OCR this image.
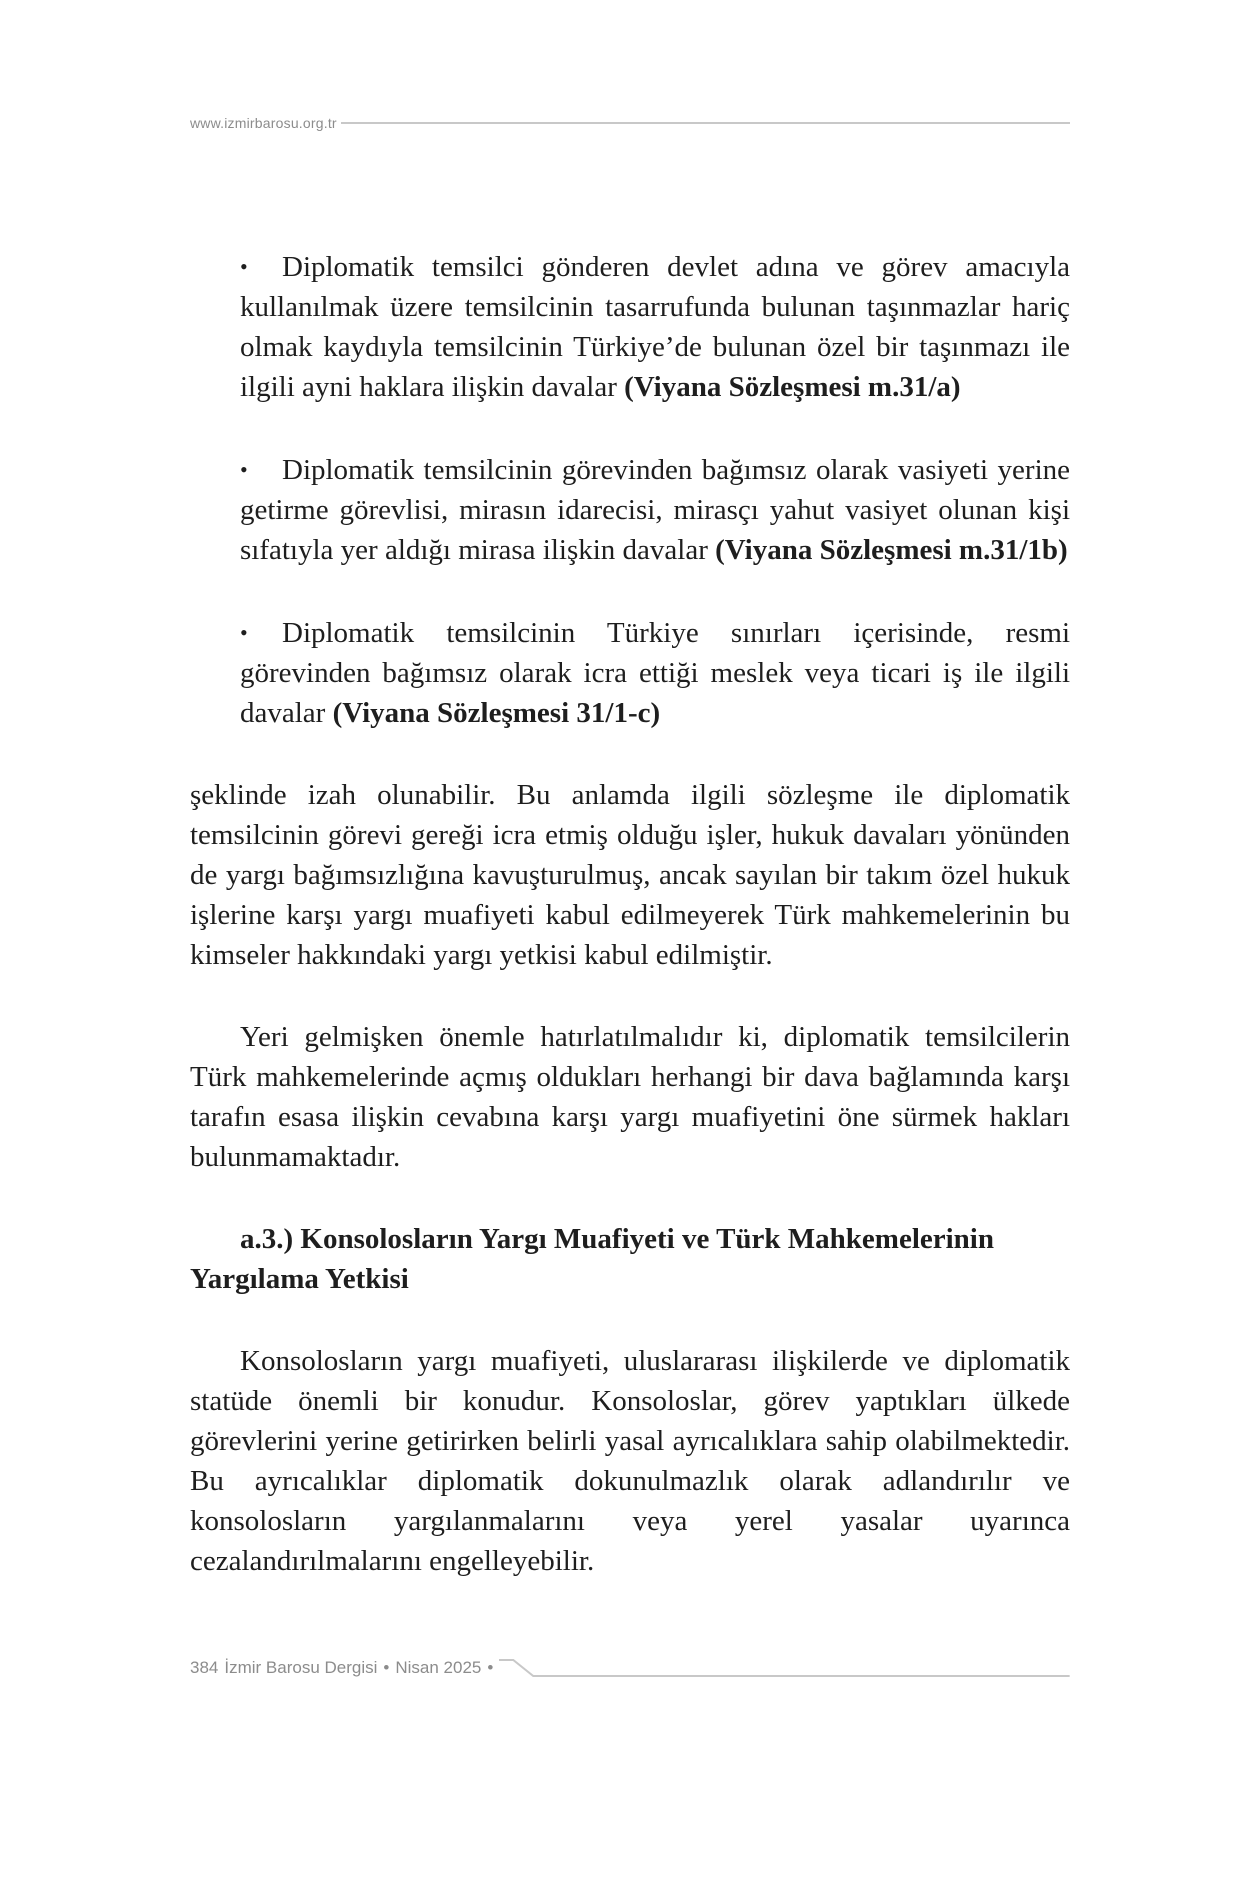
www.izmirbarosu.org.tr
•	Diplomatik temsilci gönderen devlet adına ve görev amacıyla kullanılmak üzere temsilcinin tasarrufunda bulunan taşınmazlar hariç olmak kaydıyla temsilcinin Türkiye’de bulunan özel bir taşınmazı ile ilgili ayni haklara ilişkin davalar (Viyana Sözleşmesi m.31/a)
•	Diplomatik temsilcinin görevinden bağımsız olarak vasiyeti yerine getirme görevlisi, mirasın idarecisi, mirasçı yahut vasiyet olunan kişi sıfatıyla yer aldığı mirasa ilişkin davalar (Viyana Sözleşmesi m.31/1b)
•	Diplomatik temsilcinin Türkiye sınırları içerisinde, resmi görevinden bağımsız olarak icra ettiği meslek veya ticari iş ile ilgili davalar (Viyana Sözleşmesi 31/1-c)

şeklinde izah olunabilir. Bu anlamda ilgili sözleşme ile diplomatik temsilcinin görevi gereği icra etmiş olduğu işler, hukuk davaları yönünden de yargı bağımsızlığına kavuşturulmuş, ancak sayılan bir takım özel hukuk işlerine karşı yargı muafiyeti kabul edilmeyerek Türk mahkemelerinin bu kimseler hakkındaki yargı yetkisi kabul edilmiştir.

Yeri gelmişken önemle hatırlatılmalıdır ki, diplomatik temsilcilerin Türk mahkemelerinde açmış oldukları herhangi bir dava bağlamında karşı tarafın esasa ilişkin cevabına karşı yargı muafiyetini öne sürmek hakları bulunmamaktadır.

a.3.) Konsolosların Yargı Muafiyeti ve Türk Mahkemelerinin Yargılama Yetkisi

Konsolosların yargı muafiyeti, uluslararası ilişkilerde ve diplomatik statüde önemli bir konudur. Konsoloslar, görev yaptıkları ülkede görevlerini yerine getirirken belirli yasal ayrıcalıklara sahip olabilmektedir. Bu ayrıcalıklar diplomatik dokunulmazlık olarak adlandırılır ve konsolosların yargılanmalarını veya yerel yasalar uyarınca cezalandırılmalarını engelleyebilir.

384 İzmir Barosu Dergisi • Nisan 2025 •
